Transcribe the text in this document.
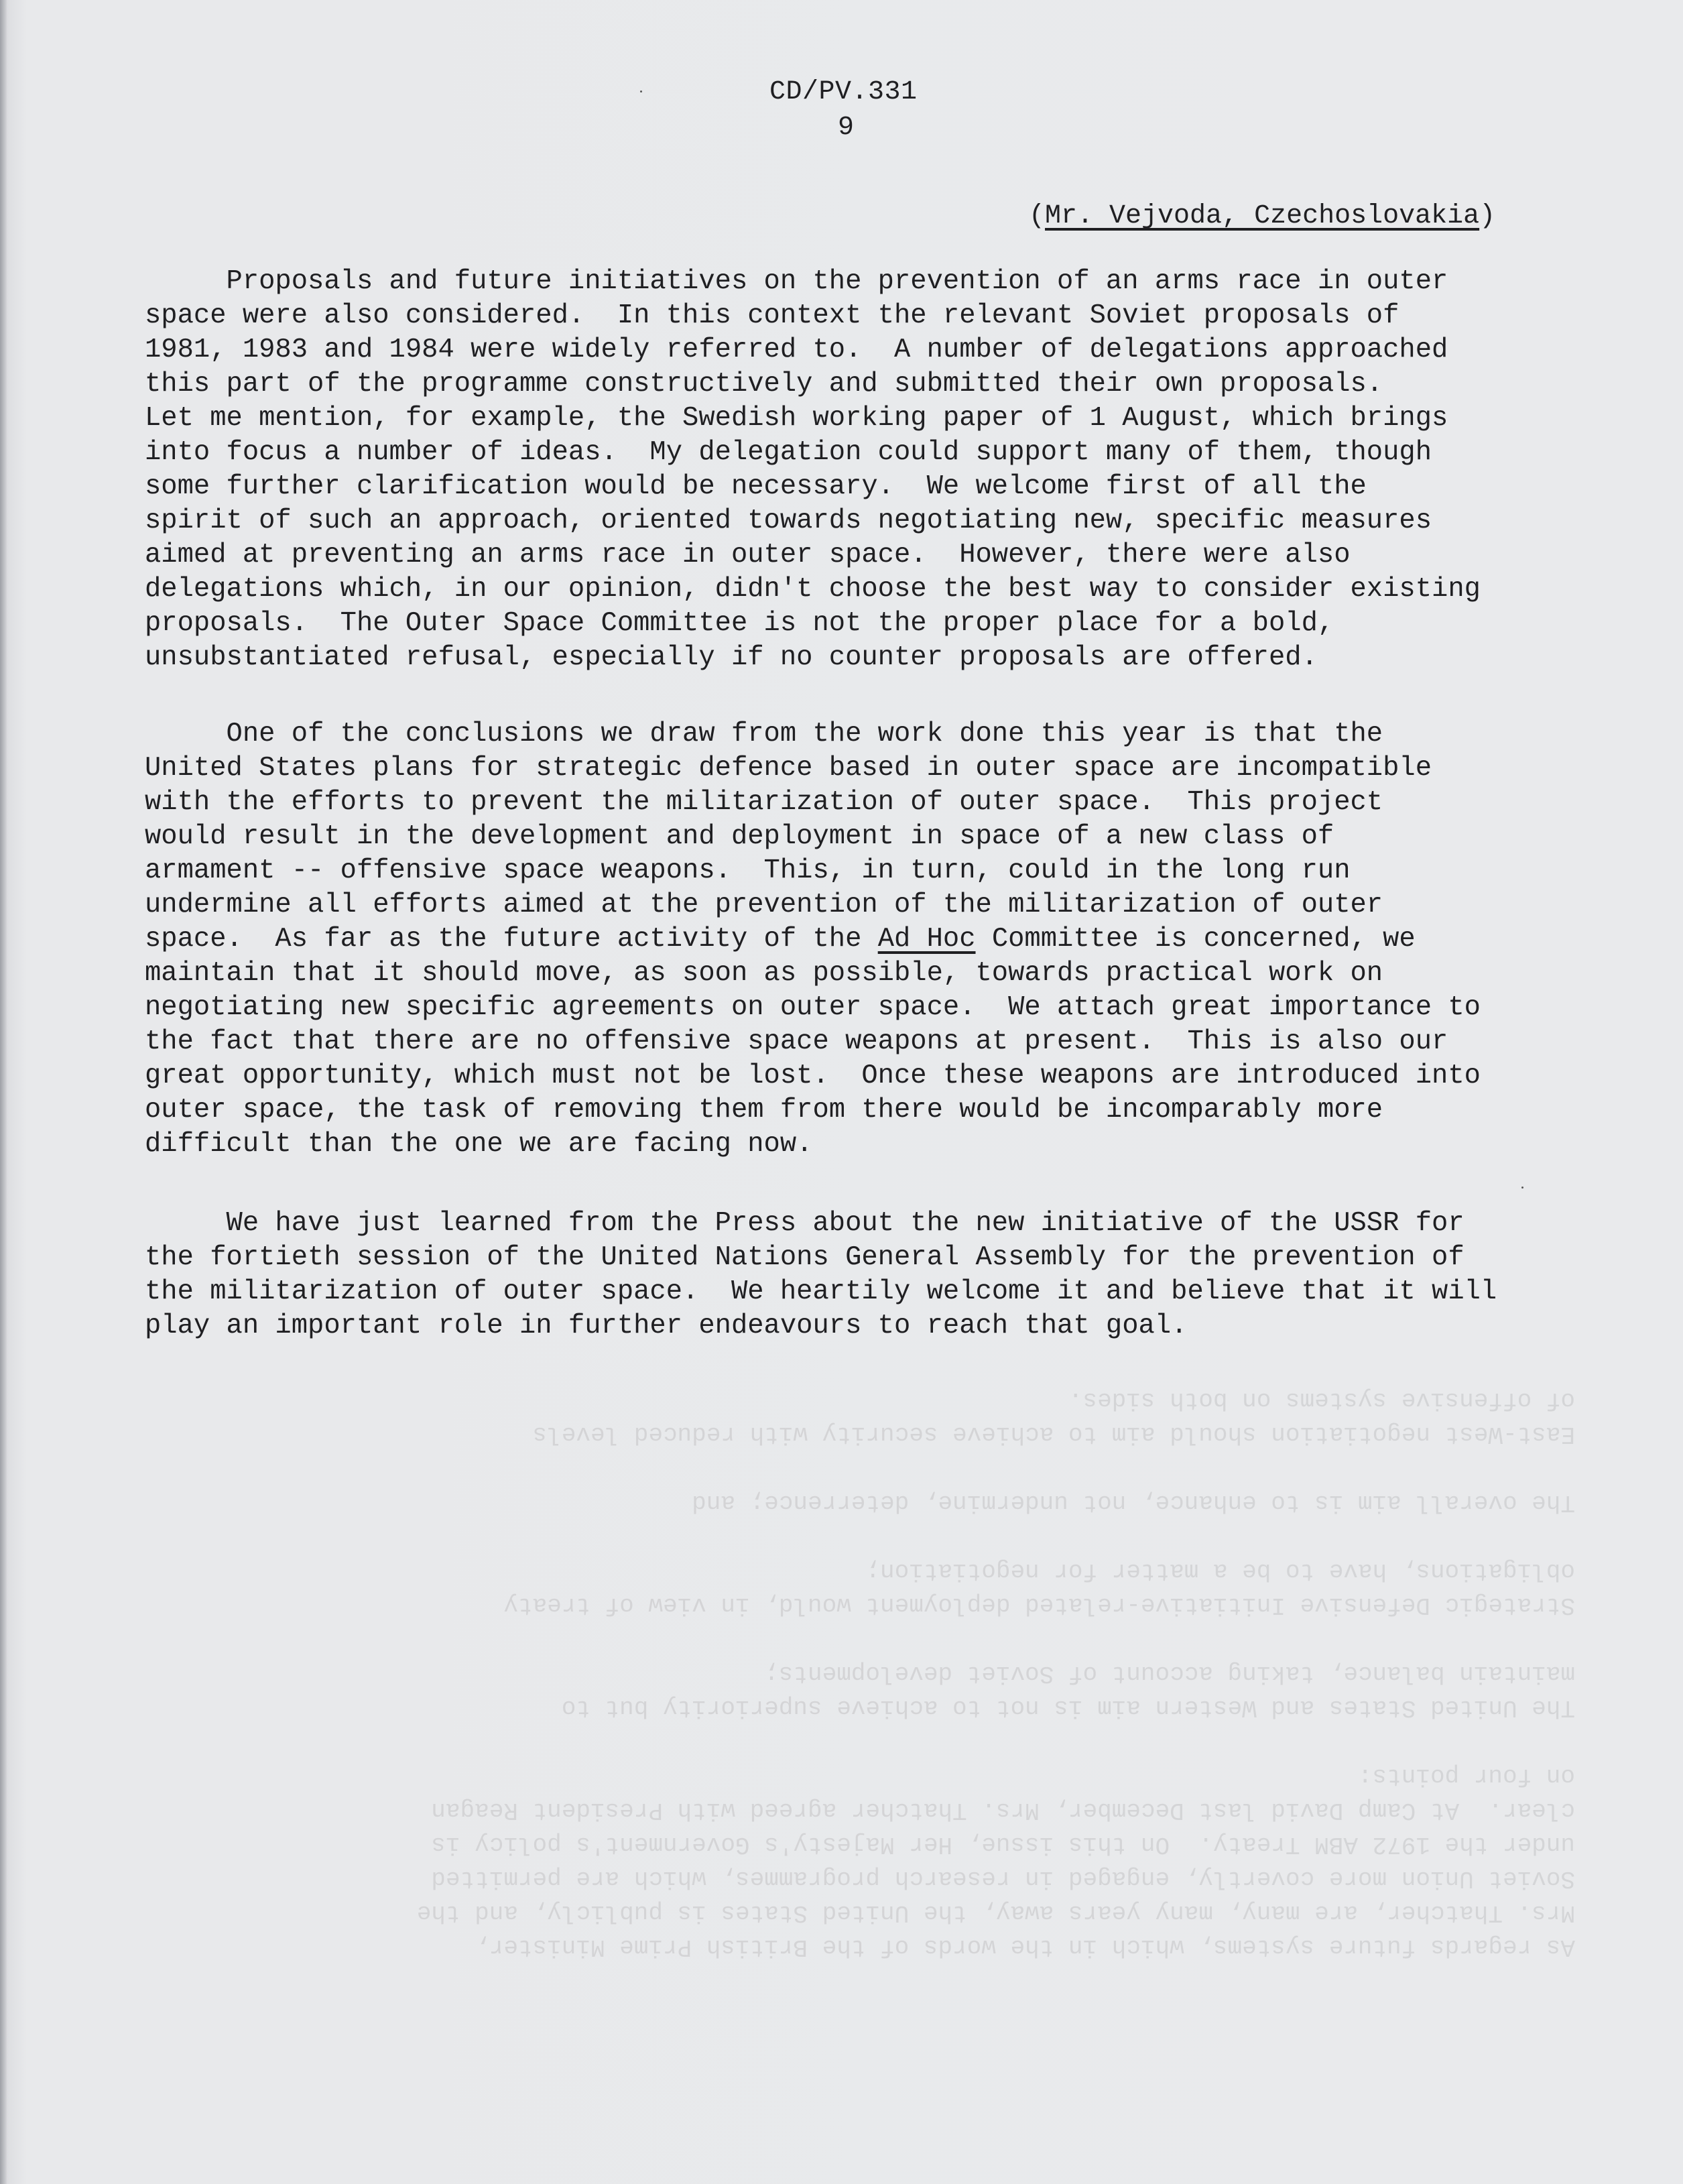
As regards future systems, which in the words of the British Prime Minister,
Mrs. Thatcher, are many, many years away, the United States is publicly, and the
Soviet Union more covertly, engaged in research programmes, which are permitted
under the 1972 ABM Treaty.  On this issue, Her Majesty's Government's policy is
clear.  At Camp David last December, Mrs. Thatcher agreed with President Reagan
on four points:

The United States and Western aim is not to achieve superiority but to
maintain balance, taking account of Soviet developments;

Strategic Defensive Initiative-related deployment would, in view of treaty
obligations, have to be a matter for negotiation;

The overall aim is to enhance, not undermine, deterrence; and

East-West negotiation should aim to achieve security with reduced levels
of offensive systems on both sides.

CD/PV.331

9

(Mr. Vejvoda, Czechoslovakia)

Proposals and future initiatives on the prevention of an arms race in outer
space were also considered.  In this context the relevant Soviet proposals of
1981, 1983 and 1984 were widely referred to.  A number of delegations approached
this part of the programme constructively and submitted their own proposals.
Let me mention, for example, the Swedish working paper of 1 August, which brings
into focus a number of ideas.  My delegation could support many of them, though
some further clarification would be necessary.  We welcome first of all the
spirit of such an approach, oriented towards negotiating new, specific measures
aimed at preventing an arms race in outer space.  However, there were also
delegations which, in our opinion, didn't choose the best way to consider existing
proposals.  The Outer Space Committee is not the proper place for a bold,
unsubstantiated refusal, especially if no counter proposals are offered.
One of the conclusions we draw from the work done this year is that the
United States plans for strategic defence based in outer space are incompatible
with the efforts to prevent the militarization of outer space.  This project
would result in the development and deployment in space of a new class of
armament -- offensive space weapons.  This, in turn, could in the long run
undermine all efforts aimed at the prevention of the militarization of outer
space.  As far as the future activity of the Ad Hoc Committee is concerned, we
maintain that it should move, as soon as possible, towards practical work on
negotiating new specific agreements on outer space.  We attach great importance to
the fact that there are no offensive space weapons at present.  This is also our
great opportunity, which must not be lost.  Once these weapons are introduced into
outer space, the task of removing them from there would be incomparably more
difficult than the one we are facing now.
We have just learned from the Press about the new initiative of the USSR for
the fortieth session of the United Nations General Assembly for the prevention of
the militarization of outer space.  We heartily welcome it and believe that it will
play an important role in further endeavours to reach that goal.
